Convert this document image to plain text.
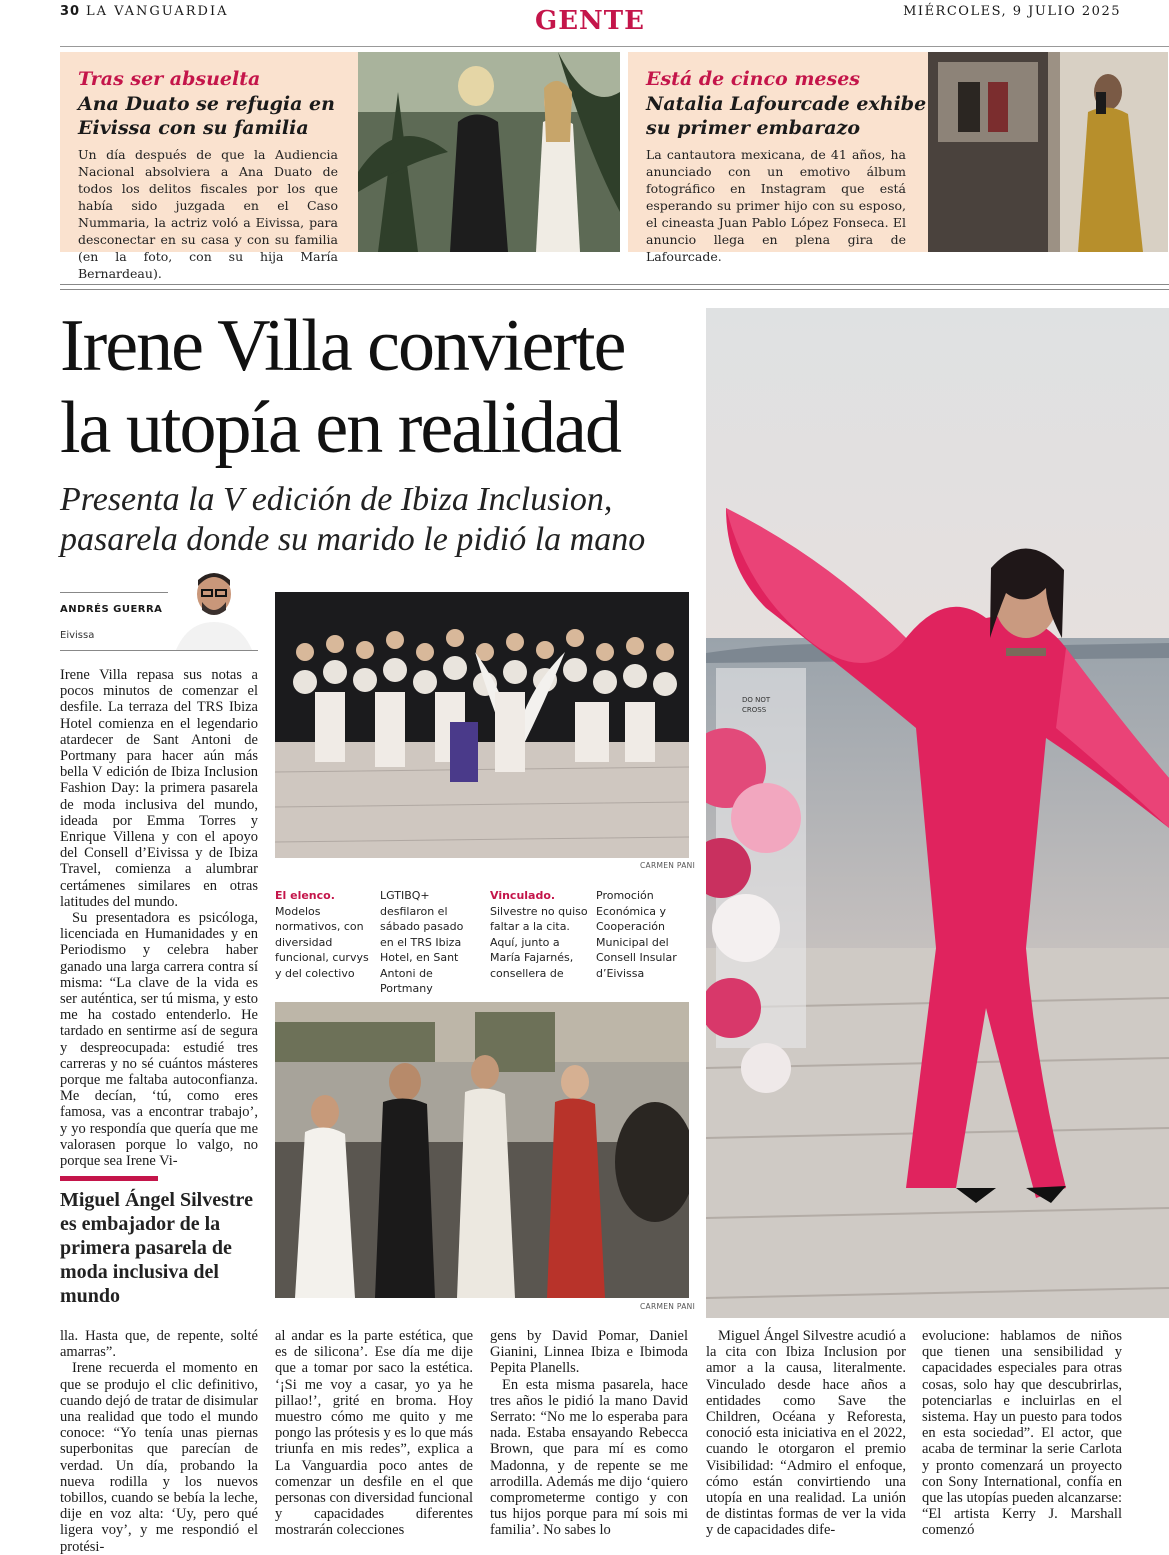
30 LA VANGUARDIA	GENTE	MIÉRCOLES, 9 JULIO 2025
Tras ser absuelta
Ana Duato se refugia en
Eivissa con su familia
Un día después de que la Audiencia Nacional absolviera a Ana Duato de todos los delitos fiscales por los que había sido juzgada en el Caso Nummaria, la actriz voló a Eivissa, para desconectar en su casa y con su familia (en la foto, con su hija María Bernardeau).
Está de cinco meses
Natalia Lafourcade exhibe
su primer embarazo
La cantautora mexicana, de 41 años, ha anunciado con un emotivo álbum fotográfico en Instagram que está esperando su primer hijo con su esposo, el cineasta Juan Pablo López Fonseca. El anuncio llega en plena gira de Lafourcade.
Irene Villa convierte
la utopía en realidad
Presenta la V edición de Ibiza Inclusion,
pasarela donde su marido le pidió la mano
DO NOT
CROSS
ANDRÉS GUERRA
Eivissa

Irene Villa repasa sus notas a pocos minutos de comenzar el desfile. La terraza del TRS Ibiza Hotel comienza en el legendario atardecer de Sant Antoni de Portmany para hacer aún más bella V edición de Ibiza Inclusion Fashion Day: la primera pasarela de moda inclusiva del mundo, ideada por Emma Torres y Enrique Villena y con el apoyo del Consell d’Eivissa y de Ibiza Travel, comienza a alumbrar certámenes similares en otras latitudes del mundo.

Su presentadora es psicóloga, licenciada en Humanidades y en Periodismo y celebra haber ganado una larga carrera contra sí misma: “La clave de la vida es ser auténtica, ser tú misma, y esto me ha costado entenderlo. He tardado en sentirme así de segura y despreocupada: estudié tres carreras y no sé cuántos másteres porque me faltaba autoconfianza. Me decían, ‘tú, como eres famosa, vas a encontrar trabajo’, y yo respondía que quería que me valorasen porque lo valgo, no porque sea Irene Vi-

Miguel Ángel Silvestre es embajador de la primera pasarela de moda inclusiva del mundo
CARMEN PANI
El elenco. Modelos normativos, con diversidad funcional, curvys y del colectivo
LGTIBQ+ desfilaron el sábado pasado en el TRS Ibiza Hotel, en Sant Antoni de Portmany
Vinculado. Silvestre no quiso faltar a la cita. Aquí, junto a María Fajarnés, consellera de
Promoción Económica y Cooperación Municipal del Consell Insular d’Eivissa
CARMEN PANI

lla. Hasta que, de repente, solté amarras”.

Irene recuerda el momento en que se produjo el clic definitivo, cuando dejó de tratar de disimular una realidad que todo el mundo conoce: “Yo tenía unas piernas superbonitas que parecían de verdad. Un día, probando la nueva rodilla y los nuevos tobillos, cuando se bebía la leche, dije en voz alta: ‘Uy, pero qué ligera voy’, y me respondió el protési-

al andar es la parte estética, que es de silicona’. Ese día me dije que a tomar por saco la estética. ‘¡Si me voy a casar, yo ya he pillao!’, grité en broma. Hoy muestro cómo me quito y me pongo las prótesis y es lo que más triunfa en mis redes”, explica a La Vanguardia poco antes de comenzar un desfile en el que personas con diversidad funcional y capacidades diferentes mostrarán colecciones

gens by David Pomar, Daniel Gianini, Linnea Ibiza e Ibimoda Pepita Planells.

En esta misma pasarela, hace tres años le pidió la mano David Serrato: “No me lo esperaba para nada. Estaba ensayando Rebecca Brown, que para mí es como Madonna, y de repente se me arrodilla. Además me dijo ‘quiero comprometerme contigo y con tus hijos porque para mí sois mi familia’. No sabes lo

Miguel Ángel Silvestre acudió a la cita con Ibiza Inclusion por amor a la causa, literalmente. Vinculado desde hace años a entidades como Save the Children, Océana y Reforesta, conoció esta iniciativa en el 2022, cuando le otorgaron el premio Visibilidad: “Admiro el enfoque, cómo están convirtiendo una utopía en una realidad. La unión de distintas formas de ver la vida y de capacidades dife-

evolucione: hablamos de niños que tienen una sensibilidad y capacidades especiales para otras cosas, solo hay que descubrirlas, potenciarlas e incluirlas en el sistema. Hay un puesto para todos en esta sociedad”. El actor, que acaba de terminar la serie Carlota y pronto comenzará un proyecto con Sony International, confía en que las utopías pueden alcanzarse: “El artista Kerry J. Marshall comenzó
